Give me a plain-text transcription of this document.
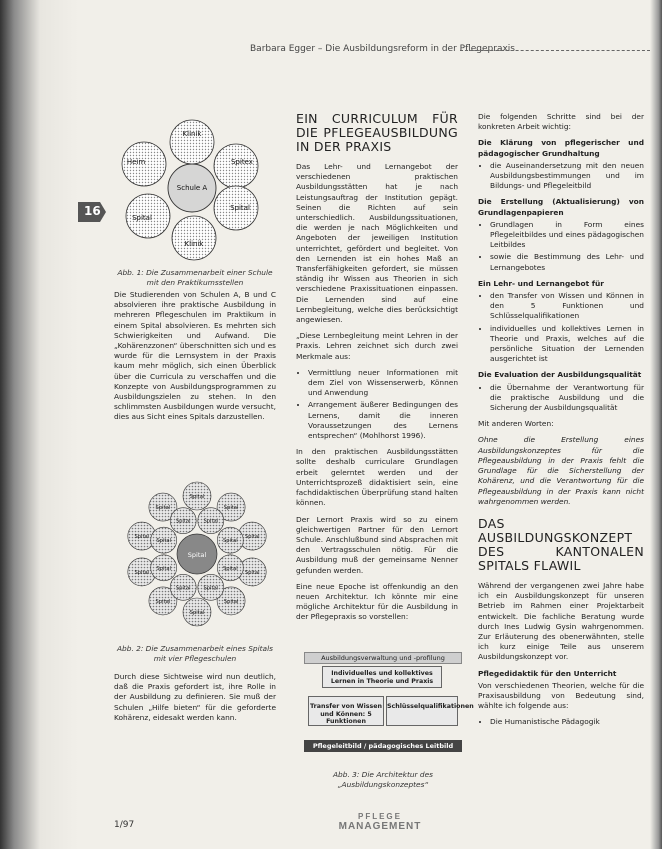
Barbara Egger – Die Ausbildungsreform in der Pflegepraxis
16
Schule A
Klinik
Heim	Spitex
Spital
Spital
Klinik
Abb. 1: Die Zusammenarbeit einer Schule mit den Praktikumsstellen

Die Studierenden von Schulen A, B und C absolvieren ihre praktische Ausbildung in mehreren Pflegeschulen im Praktikum in einem Spital absolvieren. Es mehrten sich Schwierigkeiten und Aufwand. Die „Kohärenzzonen“ überschnitten sich und es wurde für die Lernsystem in der Praxis kaum mehr möglich, sich einen Überblick über die Curricula zu verschaffen und die Konzepte von Ausbildungsprogrammen zu Ausbildungszielen zu stehen. In den schlimmsten Ausbildungen wurde versucht, dies aus Sicht eines Spitals darzustellen.

Spital
Spital
Spital
Spital
Spital
Spital
Spital
Spital
Spital
Spital
Spital
Spital
Spital
Spital
Spital
Spital
Spital
Spital
Spital
Abb. 2: Die Zusammenarbeit eines Spitals mit vier Pflegeschulen

Durch diese Sichtweise wird nun deutlich, daß die Praxis gefordert ist, ihre Rolle in der Ausbildung zu definieren. Sie muß der Schulen „Hilfe bieten“ für die geforderte Kohärenz, eidesakt werden kann.

EIN CURRICULUM FÜR DIE PFLEGEAUSBILDUNG IN DER PRAXIS

Das Lehr- und Lernangebot der verschiedenen praktischen Ausbildungsstätten hat je nach Leistungsauftrag der Institution gepägt. Seinen die Richten auf sein unterschiedlich. Ausbildungssituationen, die werden je nach Möglichkeiten und Angeboten der jeweiligen Institution unterrichtet, gefördert und begleitet. Von den Lernenden ist ein hohes Maß an Transferfähigkeiten gefordert, sie müssen ständig ihr Wissen aus Theorien in sich verschiedene Praxissituationen einpassen. Die Lernenden sind auf eine Lernbegleitung, welche dies berücksichtigt angewiesen.

„Diese Lernbegleitung meint Lehren in der Praxis. Lehren zeichnet sich durch zwei Merkmale aus:

• Vermittlung neuer Informationen mit dem Ziel von Wissenserwerb, Können und Anwendung
• Arrangement äußerer Bedingungen des Lernens, damit die inneren Voraussetzungen des Lernens entsprechen“ (Mohlhorst 1996).

In den praktischen Ausbildungsstätten sollte deshalb curriculare Grundlagen erbeit gelerntet werden und der Unterrichtsprozeß didaktisiert sein, eine fachdidaktischen Überprüfung stand halten können.

Der Lernort Praxis wird so zu einem gleichwertigen Partner für den Lernort Schule. Anschlußbund sind Absprachen mit den Vertragsschulen nötig. Für die Ausbildung muß der gemeinsame Nenner gefunden werden.

Eine neue Epoche ist offenkundig an den neuen Architektur. Ich könnte mir eine mögliche Architektur für die Ausbildung in der Pflegepraxis so vorstellen:

Ausbildungsverwaltung und -profilung
Individuelles und kollektives Lernen in Theorie und Praxis
Transfer von Wissen und Können: 5 Funktionen
Schlüsselqualifikationen
Pflegeleitbild / pädagogisches Leitbild
Abb. 3: Die Architektur des „Ausbildungskonzeptes“

Die folgenden Schritte sind bei der konkreten Arbeit wichtig:

Die Klärung von pflegerischer und pädagogischer Grundhaltung
• die Auseinandersetzung mit den neuen Ausbildungsbestimmungen und im Bildungs- und Pflegeleitbild
Die Erstellung (Aktualisierung) von Grundlagenpapieren
• Grundlagen in Form eines Pflegeleitbildes und eines pädagogischen Leitbildes
• sowie die Bestimmung des Lehr- und Lernangebotes
Ein Lehr- und Lernangebot für
• den Transfer von Wissen und Können in den 5 Funktionen und Schlüsselqualifikationen
• individuelles und kollektives Lernen in Theorie und Praxis, welches auf die persönliche Situation der Lernenden ausgerichtet ist
Die Evaluation der Ausbildungsqualität
• die Übernahme der Verantwortung für die praktische Ausbildung und die Sicherung der Ausbildungsqualität

Mit anderen Worten:

Ohne die Erstellung eines Ausbildungskonzeptes für die Pflegeausbildung in der Praxis fehlt die Grundlage für die Sicherstellung der Kohärenz, und die Verantwortung für die Pflegeausbildung in der Praxis kann nicht wahrgenommen werden.

DAS AUSBILDUNGSKONZEPT DES KANTONALEN SPITALS FLAWIL

Während der vergangenen zwei Jahre habe ich ein Ausbildungskonzept für unseren Betrieb im Rahmen einer Projektarbeit entwickelt. Die fachliche Beratung wurde durch Ines Ludwig Gysin wahrgenommen. Zur Erläuterung des obenerwähnten, stelle ich kurz einige Teile aus unserem Ausbildungskonzept vor.

Pflegedidaktik für den Unterricht

Von verschiedenen Theorien, welche für die Praxisausbildung von Bedeutung sind, wählte ich folgende aus:

• Die Humanistische Pädagogik
1/97
PFLEGE
MANAGEMENT
